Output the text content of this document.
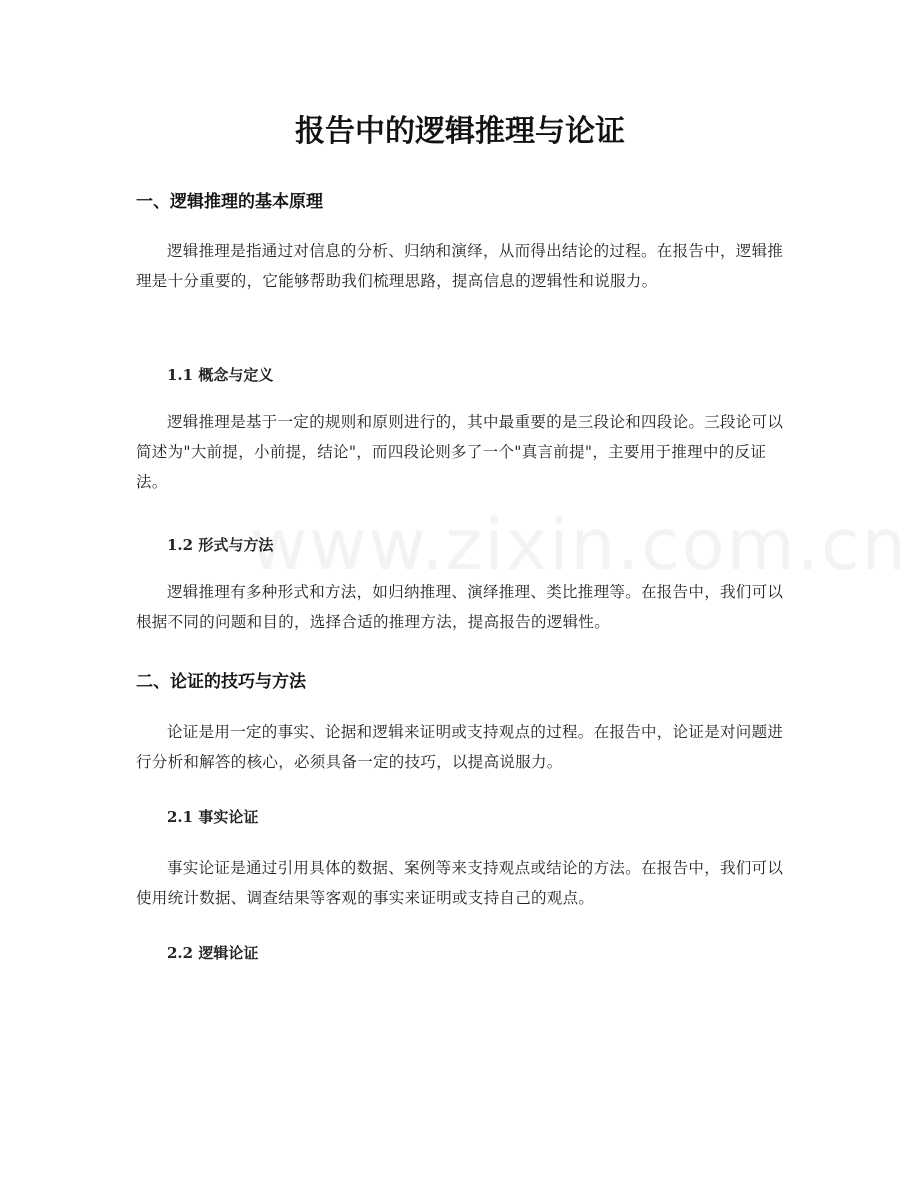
www.zixin.com.cn
报告中的逻辑推理与论证
一、逻辑推理的基本原理

逻辑推理是指通过对信息的分析、归纳和演绎，从而得出结论的过程。在报告中，逻辑推理是十分重要的，它能够帮助我们梳理思路，提高信息的逻辑性和说服力。

1.1 概念与定义

逻辑推理是基于一定的规则和原则进行的，其中最重要的是三段论和四段论。三段论可以简述为"大前提，小前提，结论"，而四段论则多了一个"真言前提"，主要用于推理中的反证法。

1.2 形式与方法

逻辑推理有多种形式和方法，如归纳推理、演绎推理、类比推理等。在报告中，我们可以根据不同的问题和目的，选择合适的推理方法，提高报告的逻辑性。

二、论证的技巧与方法

论证是用一定的事实、论据和逻辑来证明或支持观点的过程。在报告中，论证是对问题进行分析和解答的核心，必须具备一定的技巧，以提高说服力。

2.1 事实论证

事实论证是通过引用具体的数据、案例等来支持观点或结论的方法。在报告中，我们可以使用统计数据、调查结果等客观的事实来证明或支持自己的观点。

2.2 逻辑论证
